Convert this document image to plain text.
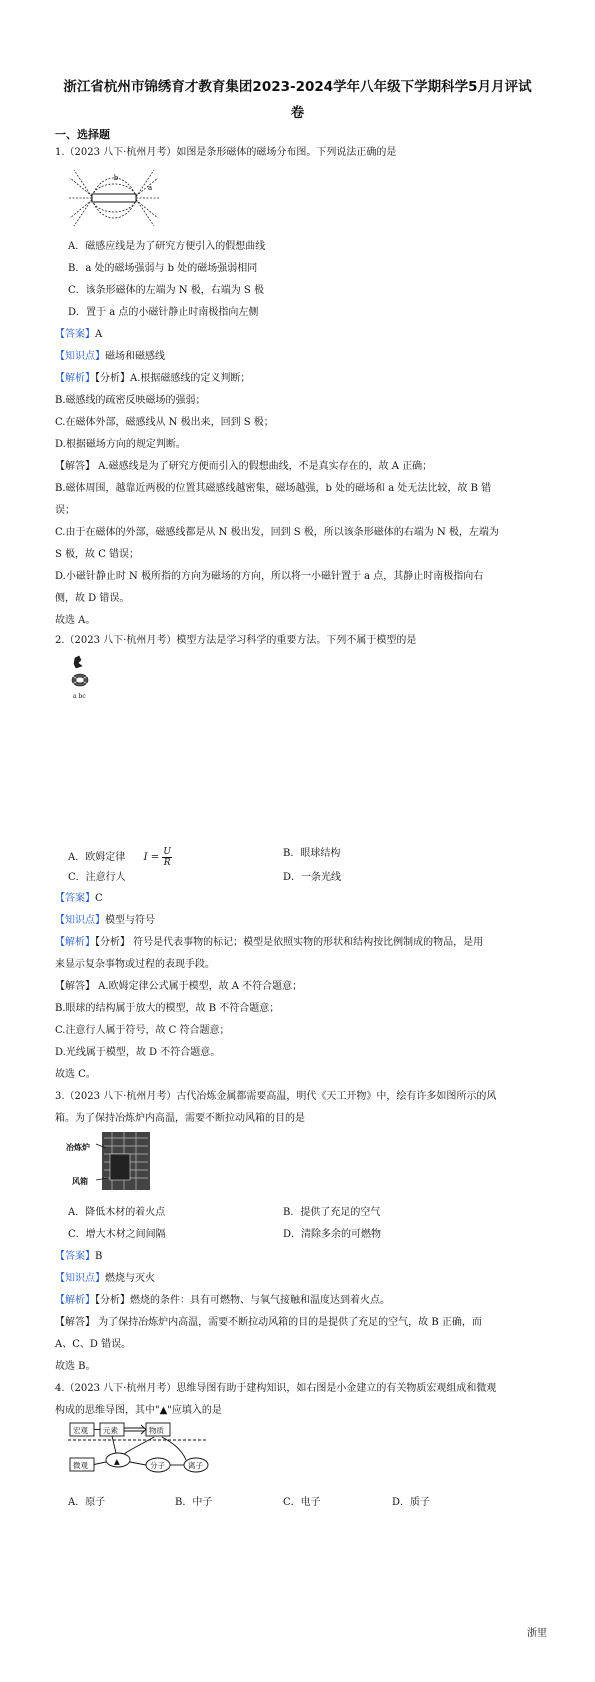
浙江省杭州市锦绣育才教育集团2023-2024学年八年级下学期科学5月月评试
卷
一、选择题
1.（2023 八下·杭州月考）如图是条形磁体的磁场分布图。下列说法正确的是
b
a
A．磁感应线是为了研究方便引入的假想曲线
B．a 处的磁场强弱与 b 处的磁场强弱相同
C．该条形磁体的左端为 N 极，右端为 S 极
D．置于 a 点的小磁针静止时南极指向左侧
【答案】A
【知识点】磁场和磁感线
【解析】【分析】A.根据磁感线的定义判断；
B.磁感线的疏密反映磁场的强弱；
C.在磁体外部，磁感线从 N 极出来，回到 S 极；
D.根据磁场方向的规定判断。
【解答】 A.磁感线是为了研究方便而引入的假想曲线，不是真实存在的，故 A 正确；
B.磁体周围，越靠近两极的位置其磁感线越密集，磁场越强，b 处的磁场和 a 处无法比较，故 B 错
误；
C.由于在磁体的外部，磁感线都是从 N 极出发，回到 S 极，所以该条形磁体的右端为 N 极，左端为
S 极，故 C 错误；
D.小磁针静止时 N 极所指的方向为磁场的方向，所以将一小磁针置于 a 点，其静止时南极指向右
侧，故 D 错误。
故选 A。
2.（2023 八下·杭州月考）模型方法是学习科学的重要方法。下列不属于模型的是
a bc
A．欧姆定律 $I = \frac{U}{R}$	B．眼球结构
C．注意行人	D．一条光线
【答案】C
【知识点】模型与符号
【解析】【分析】 符号是代表事物的标记；模型是依照实物的形状和结构按比例制成的物品，是用
来显示复杂事物或过程的表现手段。
【解答】 A.欧姆定律公式属于模型，故 A 不符合题意；
B.眼球的结构属于放大的模型，故 B 不符合题意；
C.注意行人属于符号，故 C 符合题意；
D.光线属于模型，故 D 不符合题意。
故选 C。
3.（2023 八下·杭州月考）古代冶炼金属都需要高温，明代《天工开物》中，绘有许多如图所示的风
箱。为了保持冶炼炉内高温，需要不断拉动风箱的目的是
冶炼炉
风箱
A．降低木材的着火点	B．提供了充足的空气
C．增大木材之间间隔	D．清除多余的可燃物
【答案】B
【知识点】燃烧与灭火
【解析】【分析】燃烧的条件：具有可燃物、与氧气接触和温度达到着火点。
【解答】 为了保持冶炼炉内高温，需要不断拉动风箱的目的是提供了充足的空气，故 B 正确，而
A、C、D 错误。
故选 B。
4.（2023 八下·杭州月考）思维导图有助于建构知识，如右图是小金建立的有关物质宏观组成和微观
构成的思维导图，其中"▲"应填入的是
宏观 元素	物质
微观	▲	分子	离子
A．原子	B．中子	C．电子	D．质子
浙里
